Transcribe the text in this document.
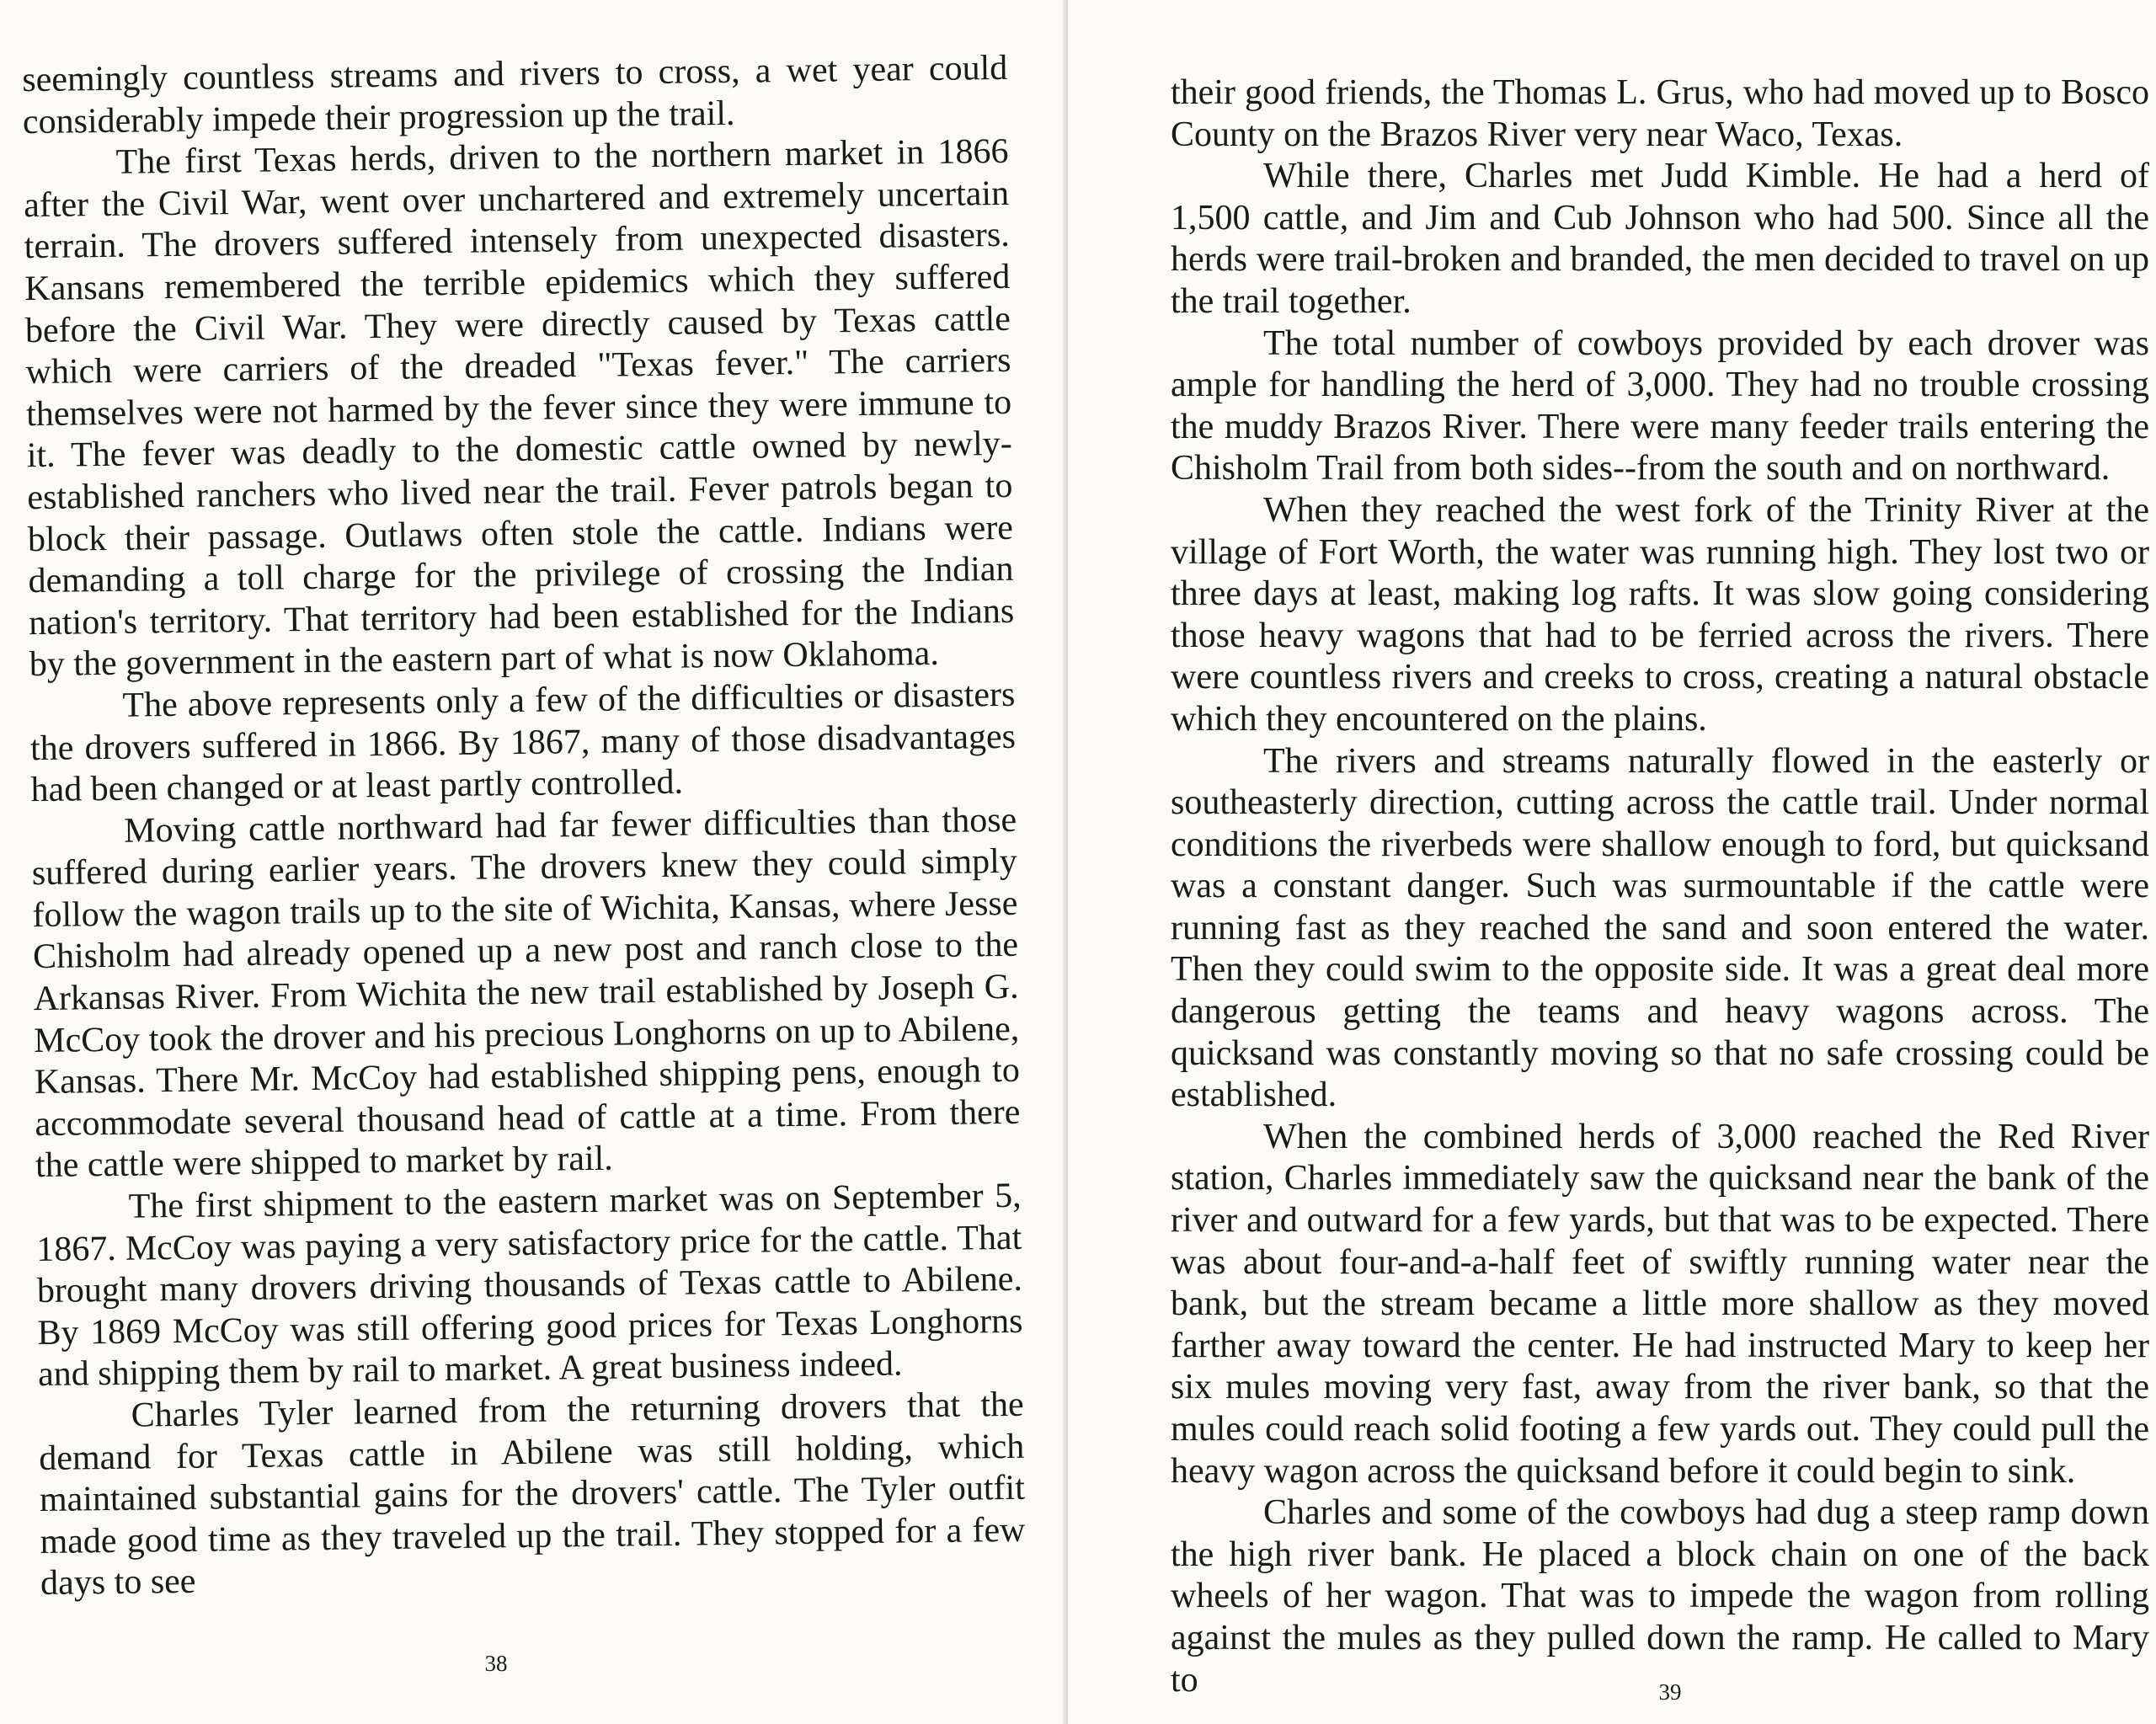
seemingly countless streams and rivers to cross, a wet year could considerably impede their progression up the trail.

The first Texas herds, driven to the northern market in 1866 after the Civil War, went over unchartered and extremely uncertain terrain. The drovers suffered intensely from unexpected disasters. Kansans remembered the terrible epidemics which they suffered before the Civil War. They were directly caused by Texas cattle which were carriers of the dreaded "Texas fever." The carriers themselves were not harmed by the fever since they were immune to it. The fever was deadly to the domestic cattle owned by newly-established ranchers who lived near the trail. Fever patrols began to block their passage. Outlaws often stole the cattle. Indians were demanding a toll charge for the privilege of crossing the Indian nation's territory. That territory had been established for the Indians by the government in the eastern part of what is now Oklahoma.

The above represents only a few of the difficulties or disasters the drovers suffered in 1866. By 1867, many of those disadvantages had been changed or at least partly controlled.

Moving cattle northward had far fewer difficulties than those suffered during earlier years. The drovers knew they could simply follow the wagon trails up to the site of Wichita, Kansas, where Jesse Chisholm had already opened up a new post and ranch close to the Arkansas River. From Wichita the new trail established by Joseph G. McCoy took the drover and his precious Longhorns on up to Abilene, Kansas. There Mr. McCoy had established shipping pens, enough to accommodate several thousand head of cattle at a time. From there the cattle were shipped to market by rail.

The first shipment to the eastern market was on September 5, 1867. McCoy was paying a very satisfactory price for the cattle. That brought many drovers driving thousands of Texas cattle to Abilene. By 1869 McCoy was still offering good prices for Texas Longhorns and shipping them by rail to market. A great business indeed.

Charles Tyler learned from the returning drovers that the demand for Texas cattle in Abilene was still holding, which maintained substantial gains for the drovers' cattle. The Tyler outfit made good time as they traveled up the trail. They stopped for a few days to see

38

their good friends, the Thomas L. Grus, who had moved up to Bosco County on the Brazos River very near Waco, Texas.

While there, Charles met Judd Kimble. He had a herd of 1,500 cattle, and Jim and Cub Johnson who had 500. Since all the herds were trail-broken and branded, the men decided to travel on up the trail together.

The total number of cowboys provided by each drover was ample for handling the herd of 3,000. They had no trouble crossing the muddy Brazos River. There were many feeder trails entering the Chisholm Trail from both sides--from the south and on northward.

When they reached the west fork of the Trinity River at the village of Fort Worth, the water was running high. They lost two or three days at least, making log rafts. It was slow going considering those heavy wagons that had to be ferried across the rivers. There were countless rivers and creeks to cross, creating a natural obstacle which they encountered on the plains.

The rivers and streams naturally flowed in the easterly or southeasterly direction, cutting across the cattle trail. Under normal conditions the riverbeds were shallow enough to ford, but quicksand was a constant danger. Such was surmountable if the cattle were running fast as they reached the sand and soon entered the water. Then they could swim to the opposite side. It was a great deal more dangerous getting the teams and heavy wagons across. The quicksand was constantly moving so that no safe crossing could be established.

When the combined herds of 3,000 reached the Red River station, Charles immediately saw the quicksand near the bank of the river and outward for a few yards, but that was to be expected. There was about four-and-a-half feet of swiftly running water near the bank, but the stream became a little more shallow as they moved farther away toward the center. He had instructed Mary to keep her six mules moving very fast, away from the river bank, so that the mules could reach solid footing a few yards out. They could pull the heavy wagon across the quicksand before it could begin to sink.

Charles and some of the cowboys had dug a steep ramp down the high river bank. He placed a block chain on one of the back wheels of her wagon. That was to impede the wagon from rolling against the mules as they pulled down the ramp. He called to Mary to	39
